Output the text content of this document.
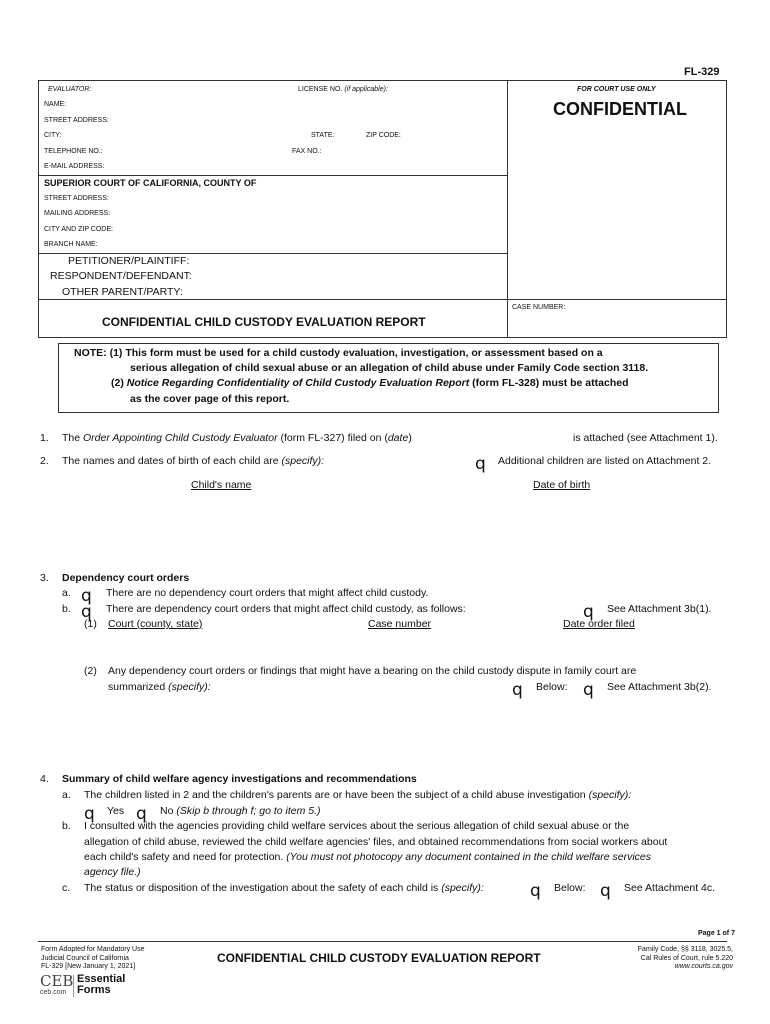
FL-329
EVALUATOR:	LICENSE NO. (if applicable):	FOR COURT USE ONLY
CONFIDENTIAL
NAME:
STREET ADDRESS:
CITY:	STATE:	ZIP CODE:
TELEPHONE NO.:	FAX NO.:
E-MAIL ADDRESS:
SUPERIOR COURT OF CALIFORNIA, COUNTY OF
STREET ADDRESS:
MAILING ADDRESS:
CITY AND ZIP CODE:
BRANCH NAME:
PETITIONER/PLAINTIFF:
RESPONDENT/DEFENDANT:
OTHER PARENT/PARTY:
CASE NUMBER:
CONFIDENTIAL CHILD CUSTODY EVALUATION REPORT
NOTE: (1) This form must be used for a child custody evaluation, investigation, or assessment based on a
serious allegation of child sexual abuse or an allegation of child abuse under Family Code section 3118.
(2) Notice Regarding Confidentiality of Child Custody Evaluation Report (form FL-328) must be attached
as the cover page of this report.
1. The Order Appointing Child Custody Evaluator (form FL-327) filed on (date)	is attached (see Attachment 1).
2. The names and dates of birth of each child are (specify):	q Additional children are listed on Attachment 2.
Child's name	Date of birth
3. Dependency court orders
a. q There are no dependency court orders that might affect child custody.
b. q There are dependency court orders that might affect child custody, as follows:	q See Attachment 3b(1).
(1) Court (county, state)	Case number	Date order filed
(2) Any dependency court orders or findings that might have a bearing on the child custody dispute in family court are
summarized (specify):	q Below: q See Attachment 3b(2).
4. Summary of child welfare agency investigations and recommendations
a. The children listed in 2 and the children's parents are or have been the subject of a child abuse investigation (specify):
q Yes q No (Skip b through f; go to item 5.)
b. I consulted with the agencies providing child welfare services about the serious allegation of child sexual abuse or the
allegation of child abuse, reviewed the child welfare agencies' files, and obtained recommendations from social workers about
each child's safety and need for protection. (You must not photocopy any document contained in the child welfare services
agency file.)
c. The status or disposition of the investigation about the safety of each child is (specify):	q Below: q See Attachment 4c.
Page 1 of 7
Form Adopted for Mandatory Use
Judicial Council of California
FL-329 [New January 1, 2021]
CONFIDENTIAL CHILD CUSTODY EVALUATION REPORT
Family Code, §§ 3118, 3025.5,
Cal Rules of Court, rule 5.220
www.courts.ca.gov
CEB
ceb.com
Essential
Forms
